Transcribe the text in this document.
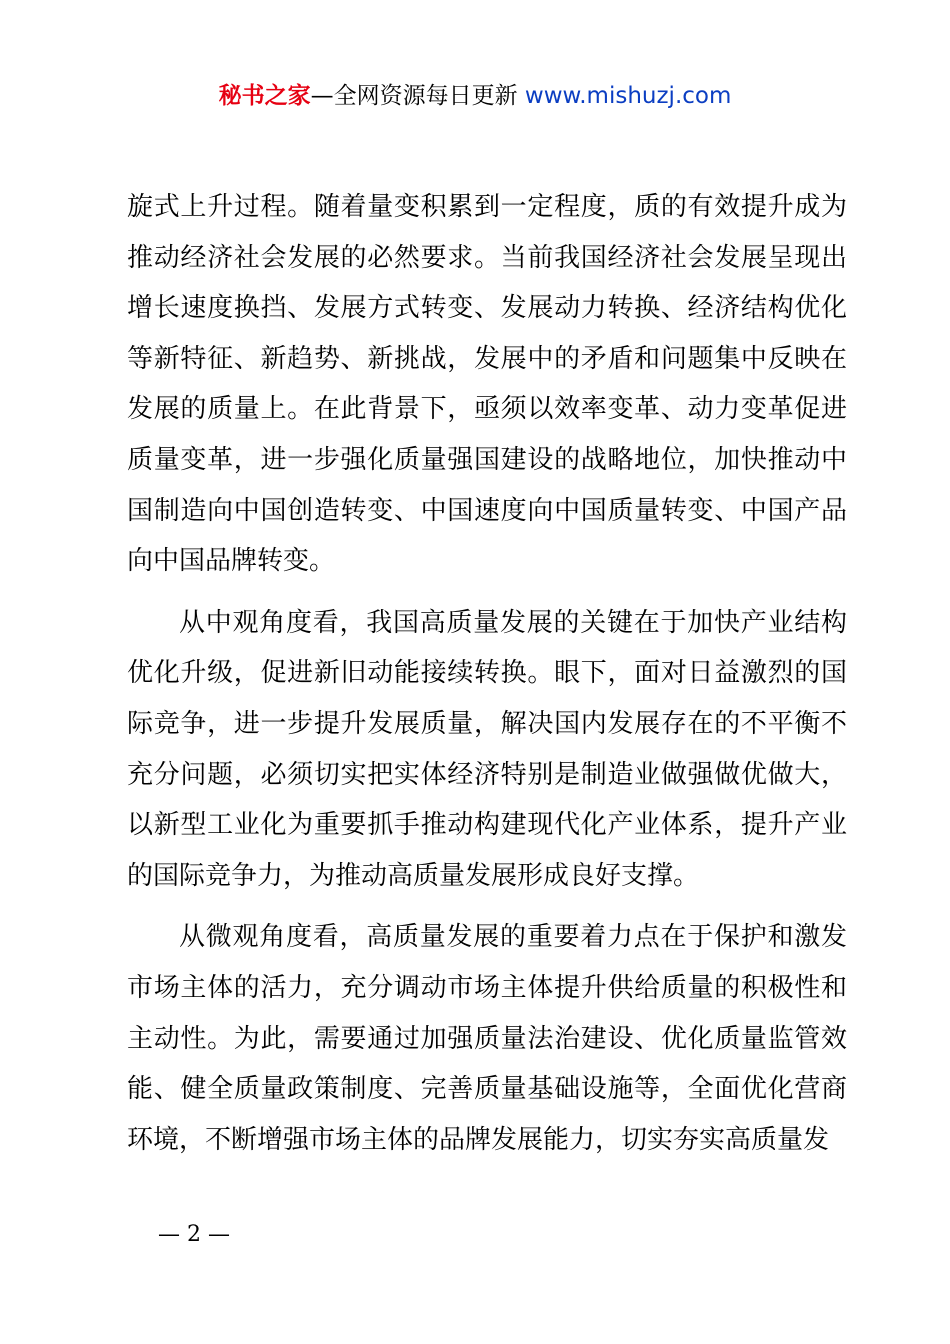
秘书之家—全网资源每日更新 www.mishuzj.com

旋式上升过程。随着量变积累到一定程度，质的有效提升成为推动经济社会发展的必然要求。当前我国经济社会发展呈现出增长速度换挡、发展方式转变、发展动力转换、经济结构优化等新特征、新趋势、新挑战，发展中的矛盾和问题集中反映在发展的质量上。在此背景下，亟须以效率变革、动力变革促进质量变革，进一步强化质量强国建设的战略地位，加快推动中国制造向中国创造转变、中国速度向中国质量转变、中国产品向中国品牌转变。

从中观角度看，我国高质量发展的关键在于加快产业结构优化升级，促进新旧动能接续转换。眼下，面对日益激烈的国际竞争，进一步提升发展质量，解决国内发展存在的不平衡不充分问题，必须切实把实体经济特别是制造业做强做优做大，以新型工业化为重要抓手推动构建现代化产业体系，提升产业的国际竞争力，为推动高质量发展形成良好支撑。

从微观角度看，高质量发展的重要着力点在于保护和激发市场主体的活力，充分调动市场主体提升供给质量的积极性和主动性。为此，需要通过加强质量法治建设、优化质量监管效能、健全质量政策制度、完善质量基础设施等，全面优化营商环境，不断增强市场主体的品牌发展能力，切实夯实高质量发

— 2 —
